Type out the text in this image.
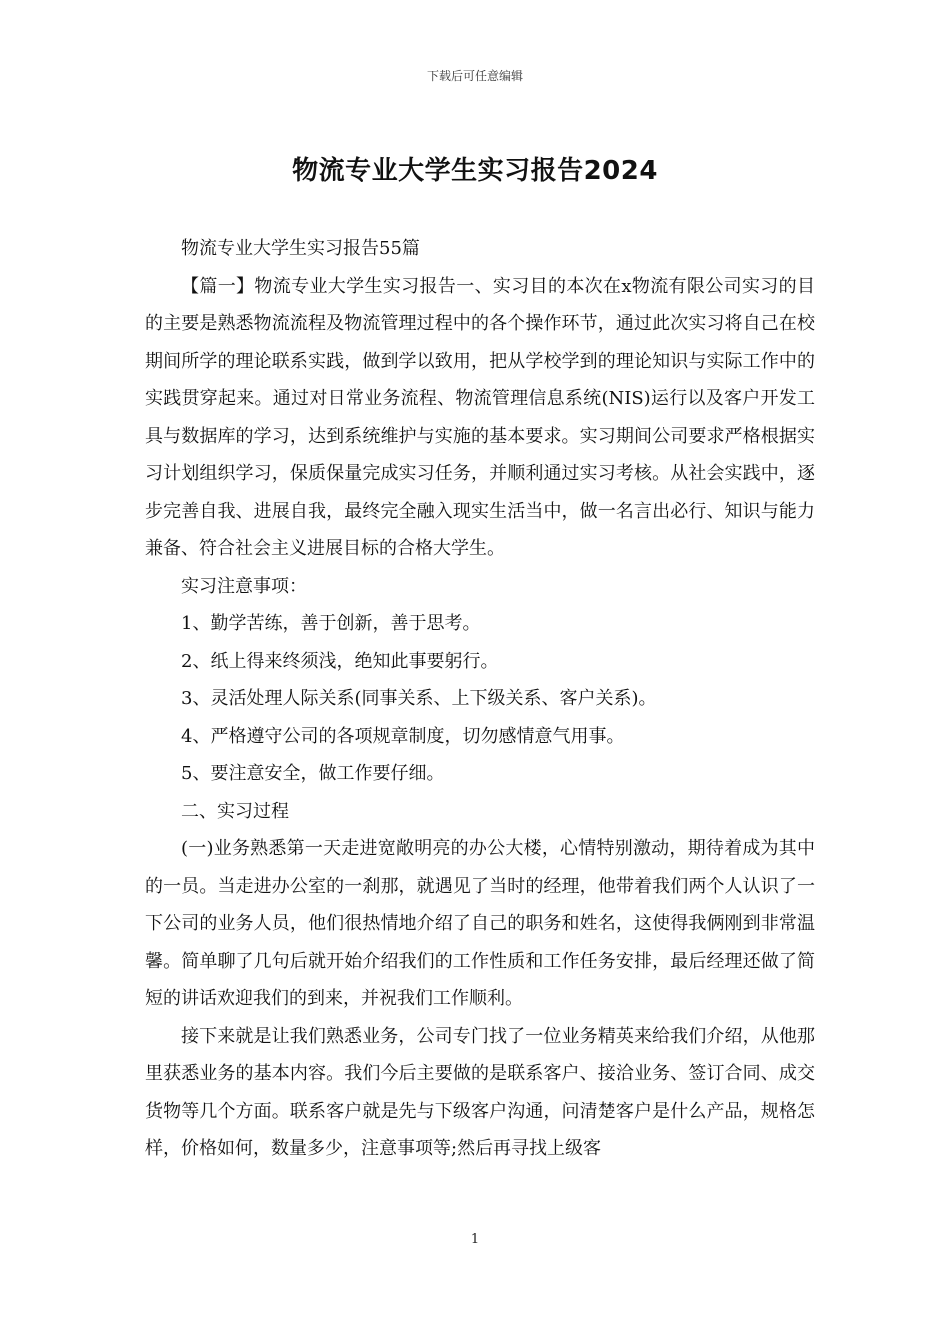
下载后可任意编辑
物流专业大学生实习报告2024

物流专业大学生实习报告55篇

【篇一】物流专业大学生实习报告一、实习目的本次在x物流有限公司实习的目的主要是熟悉物流流程及物流管理过程中的各个操作环节，通过此次实习将自己在校期间所学的理论联系实践，做到学以致用，把从学校学到的理论知识与实际工作中的实践贯穿起来。通过对日常业务流程、物流管理信息系统(NIS)运行以及客户开发工具与数据库的学习，达到系统维护与实施的基本要求。实习期间公司要求严格根据实习计划组织学习，保质保量完成实习任务，并顺利通过实习考核。从社会实践中，逐步完善自我、进展自我，最终完全融入现实生活当中，做一名言出必行、知识与能力兼备、符合社会主义进展目标的合格大学生。

实习注意事项：

1、勤学苦练，善于创新，善于思考。

2、纸上得来终须浅，绝知此事要躬行。

3、灵活处理人际关系(同事关系、上下级关系、客户关系)。

4、严格遵守公司的各项规章制度，切勿感情意气用事。

5、要注意安全，做工作要仔细。

二、实习过程

(一)业务熟悉第一天走进宽敞明亮的办公大楼，心情特别激动，期待着成为其中的一员。当走进办公室的一刹那，就遇见了当时的经理，他带着我们两个人认识了一下公司的业务人员，他们很热情地介绍了自己的职务和姓名，这使得我俩刚到非常温馨。简单聊了几句后就开始介绍我们的工作性质和工作任务安排，最后经理还做了简短的讲话欢迎我们的到来，并祝我们工作顺利。

接下来就是让我们熟悉业务，公司专门找了一位业务精英来给我们介绍，从他那里获悉业务的基本内容。我们今后主要做的是联系客户、接洽业务、签订合同、成交货物等几个方面。联系客户就是先与下级客户沟通，问清楚客户是什么产品，规格怎样，价格如何，数量多少，注意事项等;然后再寻找上级客

1
